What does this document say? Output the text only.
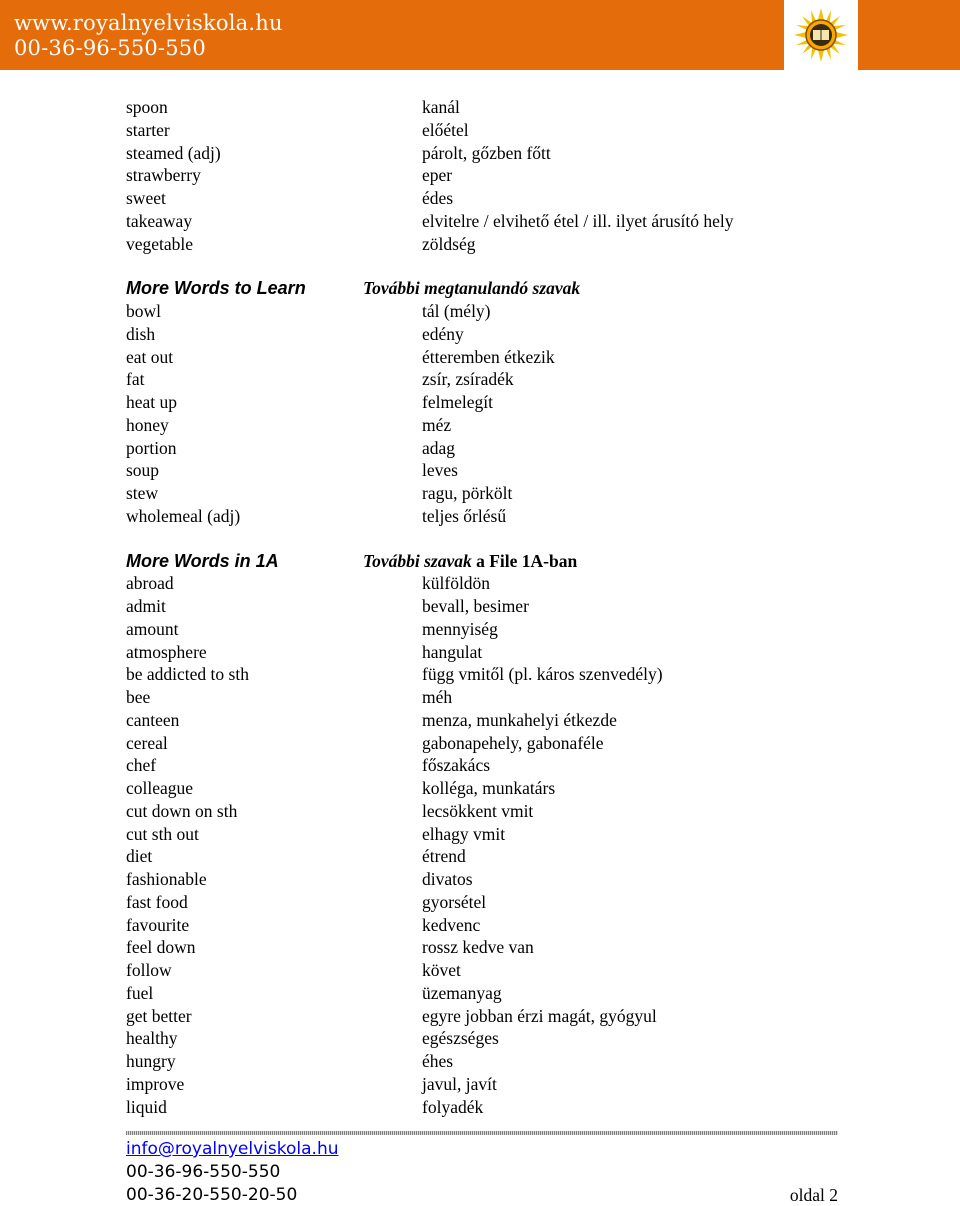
www.royalnyelviskola.hu
00-36-96-550-550
spoon	kanál
starter	előétel
steamed (adj)	párolt, gőzben főtt
strawberry	eper
sweet	édes
takeaway	elvitelre / elvihető étel / ill. ilyet árusító hely
vegetable	zöldség
More Words to Learn	További megtanulandó szavak
bowl	tál (mély)
dish	edény
eat out	étteremben étkezik
fat	zsír, zsíradék
heat up	felmelegít
honey	méz
portion	adag
soup	leves
stew	ragu, pörkölt
wholemeal (adj)	teljes őrlésű
More Words in 1A	További szavak a File 1A-ban
abroad	külföldön
admit	bevall, besimer
amount	mennyiség
atmosphere	hangulat
be addicted to sth	függ vmitől (pl. káros szenvedély)
bee	méh
canteen	menza, munkahelyi étkezde
cereal	gabonapehely, gabonaféle
chef	főszakács
colleague	kolléga, munkatárs
cut down on sth	lecsökkent vmit
cut sth out	elhagy vmit
diet	étrend
fashionable	divatos
fast food	gyorsétel
favourite	kedvenc
feel down	rossz kedve van
follow	követ
fuel	üzemanyag
get better	egyre jobban érzi magát, gyógyul
healthy	egészséges
hungry	éhes
improve	javul, javít
liquid	folyadék
info@royalnyelviskola.hu
00-36-96-550-550
00-36-20-550-20-50	oldal 2
